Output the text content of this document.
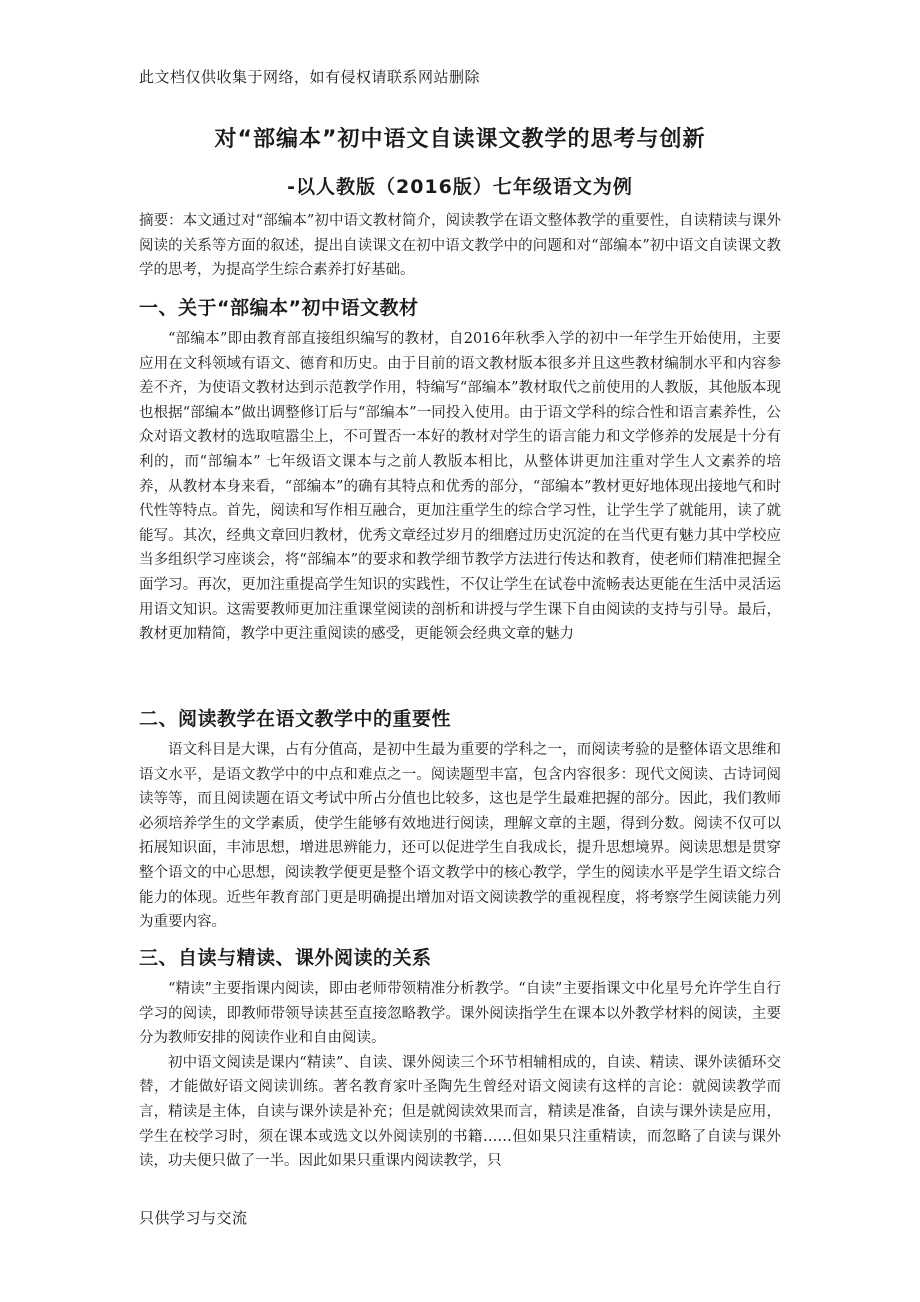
此文档仅供收集于网络，如有侵权请联系网站删除
对“部编本”初中语文自读课文教学的思考与创新
-以人教版（2016版）七年级语文为例

摘要：本文通过对“部编本”初中语文教材简介，阅读教学在语文整体教学的重要性，自读精读与课外阅读的关系等方面的叙述，提出自读课文在初中语文教学中的问题和对“部编本”初中语文自读课文教学的思考，为提高学生综合素养打好基础。

一、关于“部编本”初中语文教材

“部编本”即由教育部直接组织编写的教材，自2016年秋季入学的初中一年学生开始使用，主要应用在文科领域有语文、德育和历史。由于目前的语文教材版本很多并且这些教材编制水平和内容参差不齐，为使语文教材达到示范教学作用，特编写“部编本”教材取代之前使用的人教版，其他版本现也根据“部编本”做出调整修订后与“部编本”一同投入使用。由于语文学科的综合性和语言素养性，公众对语文教材的选取喧嚣尘上，不可置否一本好的教材对学生的语言能力和文学修养的发展是十分有利的，而“部编本” 七年级语文课本与之前人教版本相比，从整体讲更加注重对学生人文素养的培养，从教材本身来看，“部编本”的确有其特点和优秀的部分，“部编本”教材更好地体现出接地气和时代性等特点。首先，阅读和写作相互融合，更加注重学生的综合学习性，让学生学了就能用，读了就能写。其次，经典文章回归教材，优秀文章经过岁月的细磨过历史沉淀的在当代更有魅力其中学校应当多组织学习座谈会，将“部编本”的要求和教学细节教学方法进行传达和教育，使老师们精准把握全面学习。再次，更加注重提高学生知识的实践性，不仅让学生在试卷中流畅表达更能在生活中灵活运用语文知识。这需要教师更加注重课堂阅读的剖析和讲授与学生课下自由阅读的支持与引导。最后，教材更加精简，教学中更注重阅读的感受，更能领会经典文章的魅力

二、阅读教学在语文教学中的重要性

语文科目是大课，占有分值高，是初中生最为重要的学科之一，而阅读考验的是整体语文思维和语文水平，是语文教学中的中点和难点之一。阅读题型丰富，包含内容很多：现代文阅读、古诗词阅读等等，而且阅读题在语文考试中所占分值也比较多，这也是学生最难把握的部分。因此，我们教师必须培养学生的文学素质，使学生能够有效地进行阅读，理解文章的主题，得到分数。阅读不仅可以拓展知识面，丰沛思想，增进思辨能力，还可以促进学生自我成长，提升思想境界。阅读思想是贯穿整个语文的中心思想，阅读教学便更是整个语文教学中的核心教学，学生的阅读水平是学生语文综合能力的体现。近些年教育部门更是明确提出增加对语文阅读教学的重视程度，将考察学生阅读能力列为重要内容。

三、自读与精读、课外阅读的关系

“精读”主要指课内阅读，即由老师带领精准分析教学。“自读”主要指课文中化星号允许学生自行学习的阅读，即教师带领导读甚至直接忽略教学。课外阅读指学生在课本以外教学材料的阅读，主要分为教师安排的阅读作业和自由阅读。

初中语文阅读是课内“精读”、自读、课外阅读三个环节相辅相成的，自读、精读、课外读循环交替，才能做好语文阅读训练。著名教育家叶圣陶先生曾经对语文阅读有这样的言论：就阅读教学而言，精读是主体，自读与课外读是补充；但是就阅读效果而言，精读是准备，自读与课外读是应用，学生在校学习时，须在课本或选文以外阅读别的书籍……但如果只注重精读，而忽略了自读与课外读，功夫便只做了一半。因此如果只重课内阅读教学，只

只供学习与交流
